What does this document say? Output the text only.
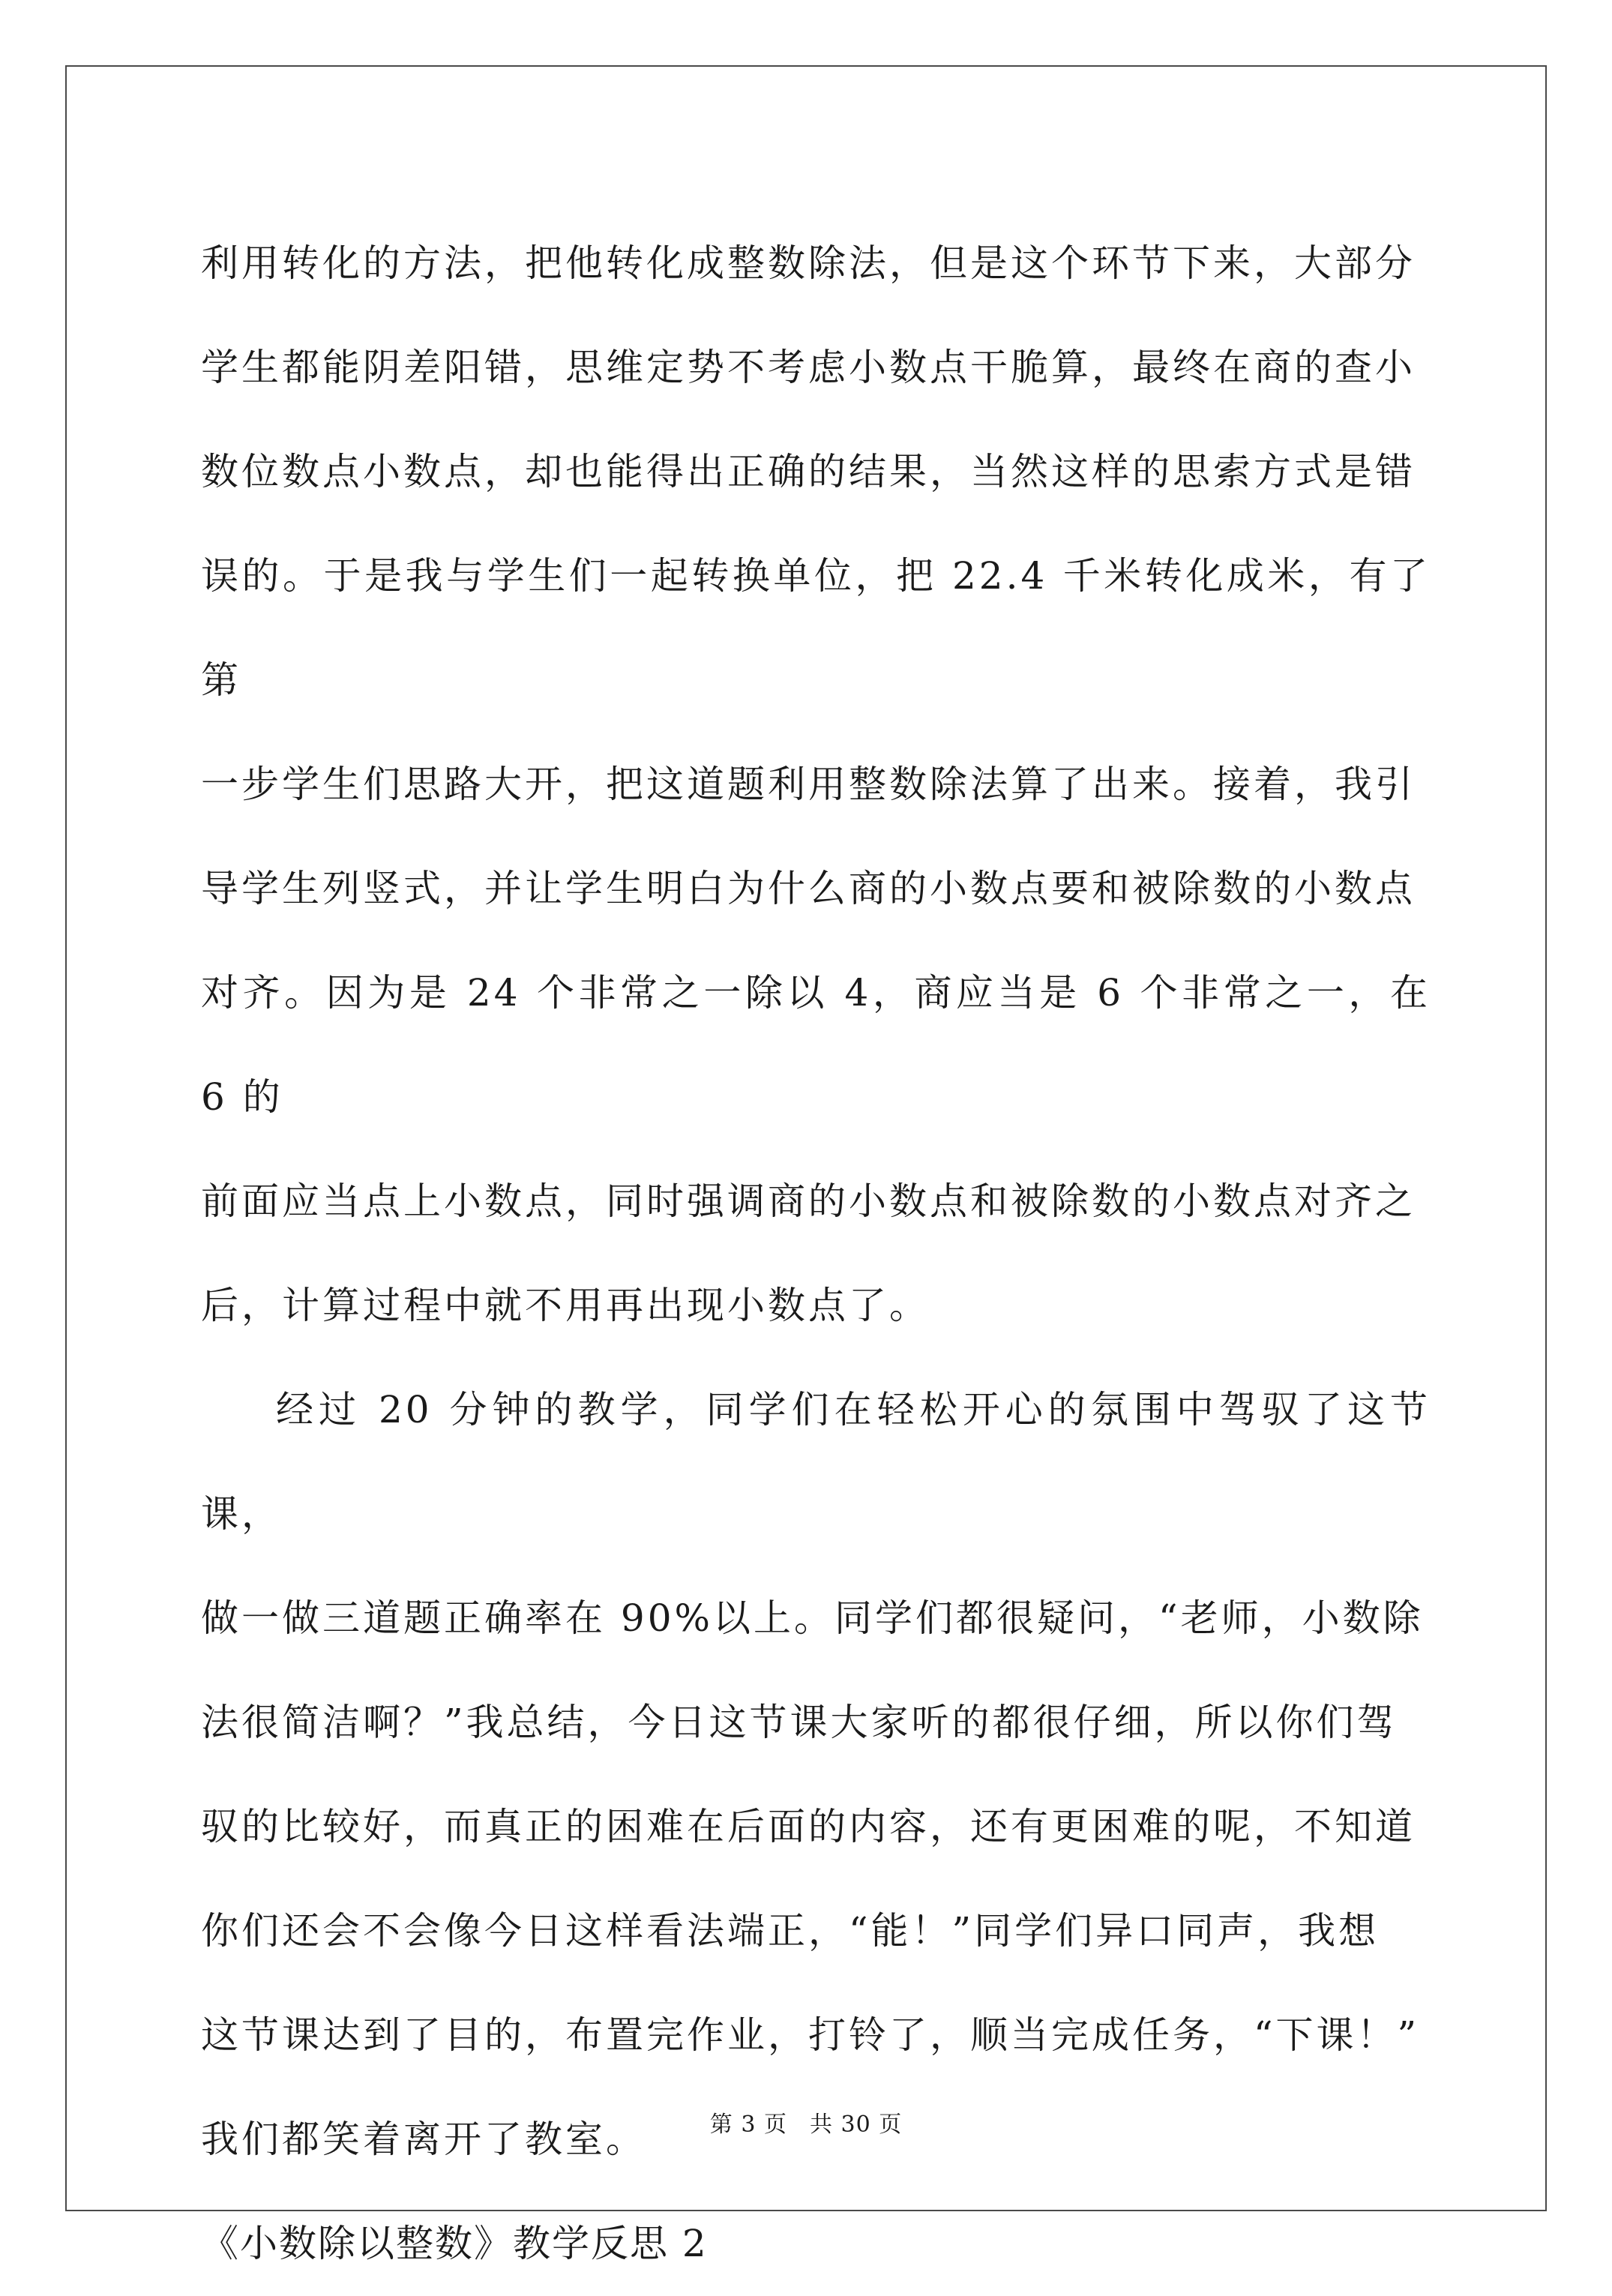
利用转化的方法，把他转化成整数除法，但是这个环节下来，大部分
学生都能阴差阳错，思维定势不考虑小数点干脆算，最终在商的查小
数位数点小数点，却也能得出正确的结果，当然这样的思索方式是错
误的。于是我与学生们一起转换单位，把 22.4 千米转化成米，有了第
一步学生们思路大开，把这道题利用整数除法算了出来。接着，我引
导学生列竖式，并让学生明白为什么商的小数点要和被除数的小数点
对齐。因为是 24 个非常之一除以 4，商应当是 6 个非常之一，在 6 的
前面应当点上小数点，同时强调商的小数点和被除数的小数点对齐之
后，计算过程中就不用再出现小数点了。

经过 20 分钟的教学，同学们在轻松开心的氛围中驾驭了这节课，
做一做三道题正确率在 90%以上。同学们都很疑问，“老师，小数除
法很简洁啊？”我总结，今日这节课大家听的都很仔细，所以你们驾
驭的比较好，而真正的困难在后面的内容，还有更困难的呢，不知道
你们还会不会像今日这样看法端正，“能！”同学们异口同声，我想
这节课达到了目的，布置完作业，打铃了，顺当完成任务，“下课！”
我们都笑着离开了教室。

《小数除以整数》教学反思 2

第 3 页 共 30 页
